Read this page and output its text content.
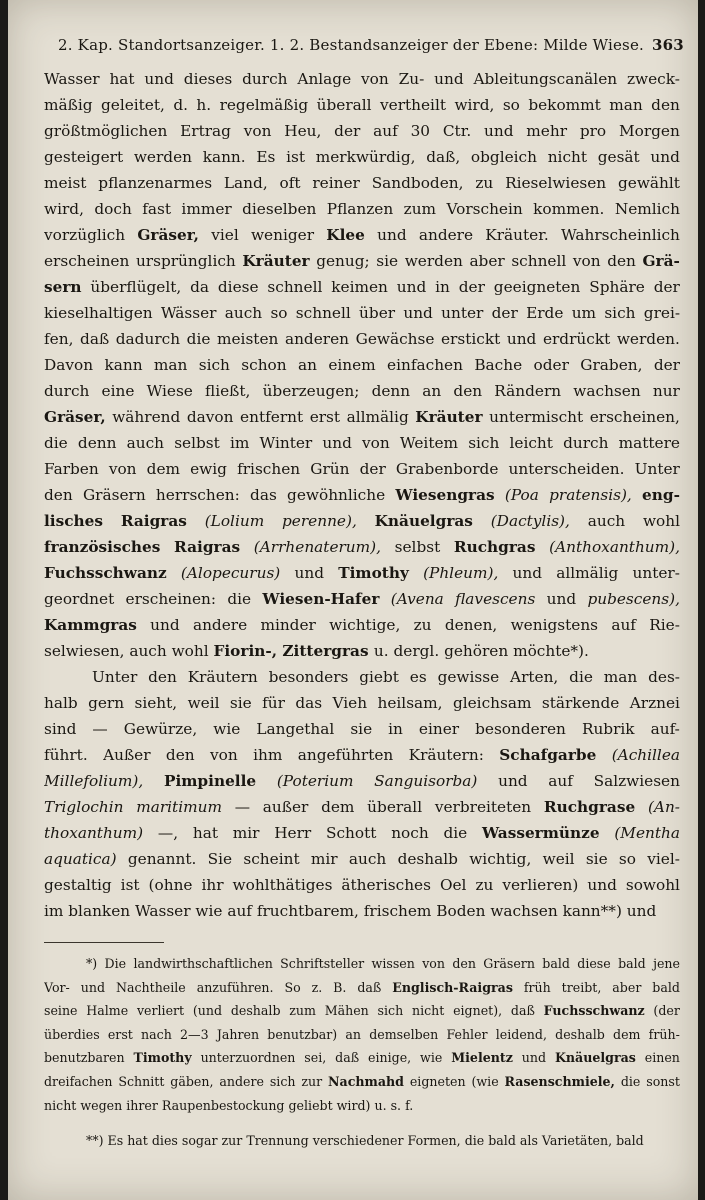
2. Kap. Standortsanzeiger. 1. 2. Bestandsanzeiger der Ebene: Milde Wiese. 363
Wasser hat und dieses durch Anlage von Zu- und Ableitungscanälen zweck-
mäßig geleitet, d. h. regelmäßig überall vertheilt wird, so bekommt man den
größtmöglichen Ertrag von Heu, der auf 30 Ctr. und mehr pro Morgen
gesteigert werden kann. Es ist merkwürdig, daß, obgleich nicht gesät und
meist pflanzenarmes Land, oft reiner Sandboden, zu Rieselwiesen gewählt
wird, doch fast immer dieselben Pflanzen zum Vorschein kommen. Nemlich
vorzüglich Gräser, viel weniger Klee und andere Kräuter. Wahrscheinlich
erscheinen ursprünglich Kräuter genug; sie werden aber schnell von den Grä-
sern überflügelt, da diese schnell keimen und in der geeigneten Sphäre der
kieselhaltigen Wässer auch so schnell über und unter der Erde um sich grei-
fen, daß dadurch die meisten anderen Gewächse erstickt und erdrückt werden.
Davon kann man sich schon an einem einfachen Bache oder Graben, der
durch eine Wiese fließt, überzeugen; denn an den Rändern wachsen nur
Gräser, während davon entfernt erst allmälig Kräuter untermischt erscheinen,
die denn auch selbst im Winter und von Weitem sich leicht durch mattere
Farben von dem ewig frischen Grün der Grabenborde unterscheiden. Unter
den Gräsern herrschen: das gewöhnliche Wiesengras (Poa pratensis), eng-
lisches Raigras (Lolium perenne), Knäuelgras (Dactylis), auch wohl
französisches Raigras (Arrhenaterum), selbst Ruchgras (Anthoxanthum),
Fuchsschwanz (Alopecurus) und Timothy (Phleum), und allmälig unter-
geordnet erscheinen: die Wiesen-Hafer (Avena flavescens und pubescens),
Kammgras und andere minder wichtige, zu denen, wenigstens auf Rie-
selwiesen, auch wohl Fiorin-, Zittergras u. dergl. gehören möchte*).
Unter den Kräutern besonders giebt es gewisse Arten, die man des-
halb gern sieht, weil sie für das Vieh heilsam, gleichsam stärkende Arznei
sind — Gewürze, wie Langethal sie in einer besonderen Rubrik auf-
führt. Außer den von ihm angeführten Kräutern: Schafgarbe (Achillea
Millefolium), Pimpinelle (Poterium Sanguisorba) und auf Salzwiesen
Triglochin maritimum — außer dem überall verbreiteten Ruchgrase (An-
thoxanthum) —, hat mir Herr Schott noch die Wassermünze (Mentha
aquatica) genannt. Sie scheint mir auch deshalb wichtig, weil sie so viel-
gestaltig ist (ohne ihr wohlthätiges ätherisches Oel zu verlieren) und sowohl
im blanken Wasser wie auf fruchtbarem, frischem Boden wachsen kann**) und
*) Die landwirthschaftlichen Schriftsteller wissen von den Gräsern bald diese bald jene
Vor- und Nachtheile anzuführen. So z. B. daß Englisch-Raigras früh treibt, aber bald
seine Halme verliert (und deshalb zum Mähen sich nicht eignet), daß Fuchsschwanz (der
überdies erst nach 2—3 Jahren benutzbar) an demselben Fehler leidend, deshalb dem früh-
benutzbaren Timothy unterzuordnen sei, daß einige, wie Mielentz und Knäuelgras einen
dreifachen Schnitt gäben, andere sich zur Nachmahd eigneten (wie Rasenschmiele, die sonst
nicht wegen ihrer Raupenbestockung geliebt wird) u. s. f.
**) Es hat dies sogar zur Trennung verschiedener Formen, die bald als Varietäten, bald
